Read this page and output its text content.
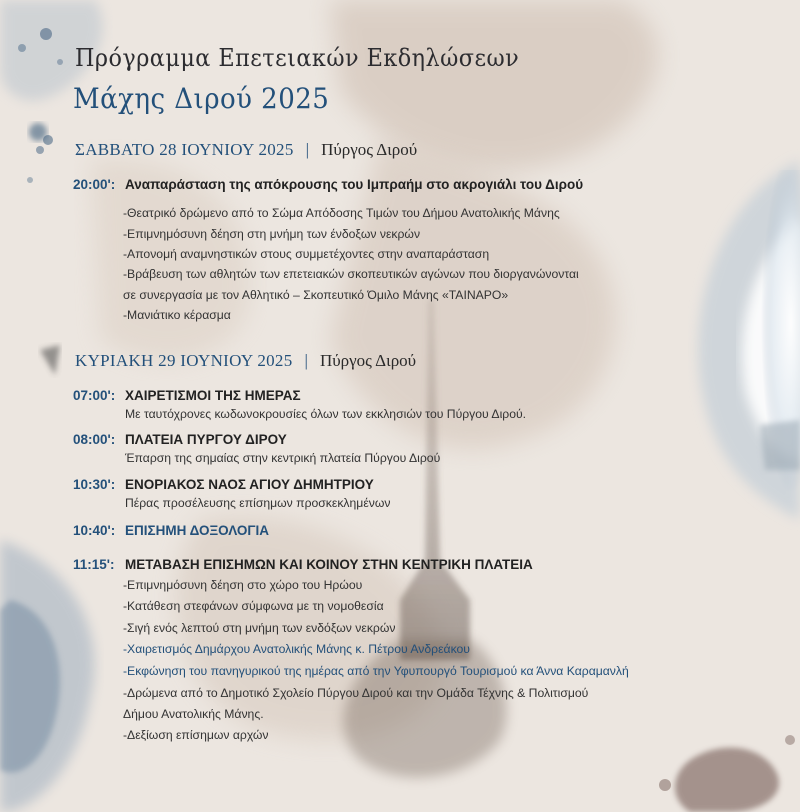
Πρόγραμμα Επετειακών Εκδηλώσεων
Μάχης Διρού 2025
ΣΑΒΒΑΤΟ 28 ΙΟΥΝΙΟΥ 2025 | Πύργος Διρού
20:00': Αναπαράσταση της απόκρουσης του Ιμπραήμ στο ακρογιάλι του Διρού
-Θεατρικό δρώμενο από το Σώμα Απόδοσης Τιμών του Δήμου Ανατολικής Μάνης
-Επιμνημόσυνη δέηση στη μνήμη των ένδοξων νεκρών
-Απονομή αναμνηστικών στους συμμετέχοντες στην αναπαράσταση
-Βράβευση των αθλητών των επετειακών σκοπευτικών αγώνων που διοργανώνονται
σε συνεργασία με τον Αθλητικό – Σκοπευτικό Όμιλο Μάνης «ΤΑΙΝΑΡΟ»
-Μανιάτικο κέρασμα
ΚΥΡΙΑΚΗ 29 ΙΟΥΝΙΟΥ 2025 | Πύργος Διρού
07:00': ΧΑΙΡΕΤΙΣΜΟΙ ΤΗΣ ΗΜΕΡΑΣ
Με ταυτόχρονες κωδωνοκρουσίες όλων των εκκλησιών του Πύργου Διρού.
08:00': ΠΛΑΤΕΙΑ ΠΥΡΓΟΥ ΔΙΡΟΥ
Έπαρση της σημαίας στην κεντρική πλατεία Πύργου Διρού
10:30': ΕΝΟΡΙΑΚΟΣ ΝΑΟΣ ΑΓΙΟΥ ΔΗΜΗΤΡΙΟΥ
Πέρας προσέλευσης επίσημων προσκεκλημένων
10:40': ΕΠΙΣΗΜΗ ΔΟΞΟΛΟΓΙΑ
11:15': ΜΕΤΑΒΑΣΗ ΕΠΙΣΗΜΩΝ ΚΑΙ ΚΟΙΝΟΥ ΣΤΗΝ ΚΕΝΤΡΙΚΗ ΠΛΑΤΕΙΑ
-Επιμνημόσυνη δέηση στο χώρο του Ηρώου
-Κατάθεση στεφάνων σύμφωνα με τη νομοθεσία
-Σιγή ενός λεπτού στη μνήμη των ενδόξων νεκρών
-Χαιρετισμός Δημάρχου Ανατολικής Μάνης κ. Πέτρου Ανδρεάκου
-Εκφώνηση του πανηγυρικού της ημέρας από την Υφυπουργό Τουρισμού κα Άννα Καραμανλή
-Δρώμενα από το Δημοτικό Σχολείο Πύργου Διρού και την Ομάδα Τέχνης & Πολιτισμού
Δήμου Ανατολικής Μάνης.
-Δεξίωση επίσημων αρχών
